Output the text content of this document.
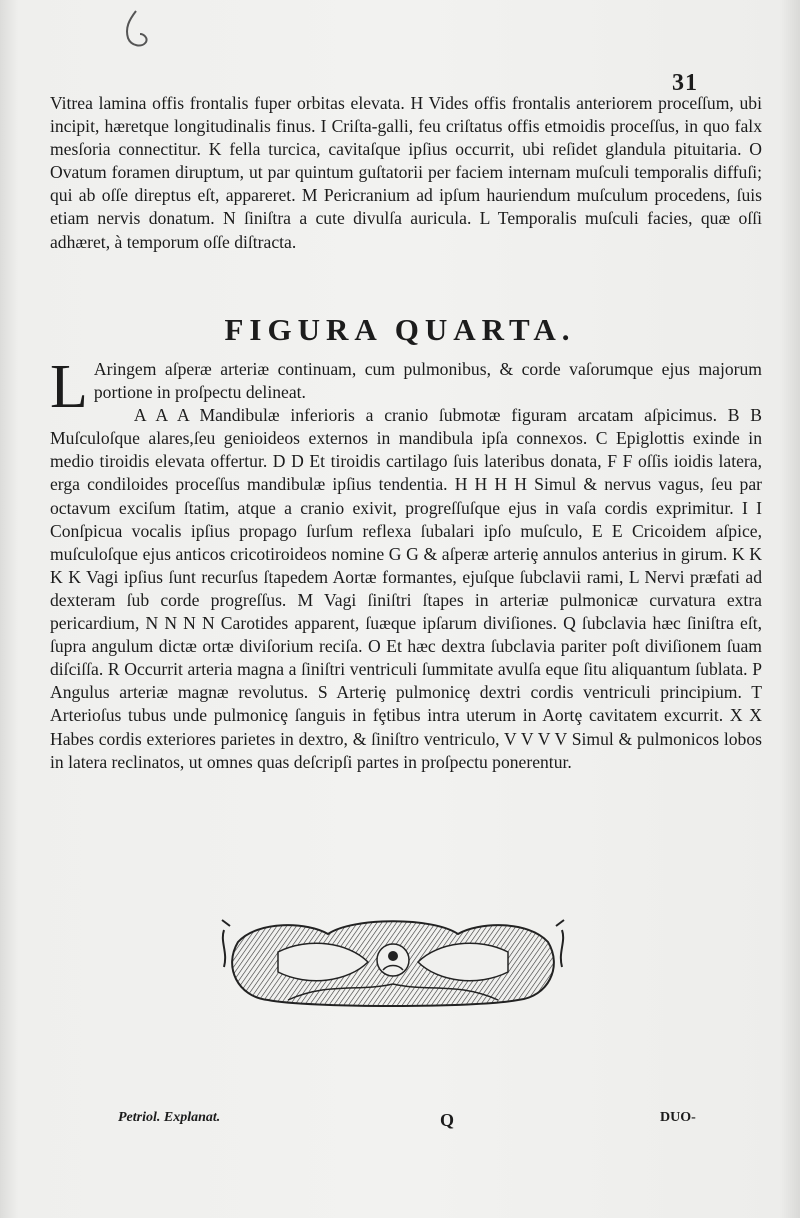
31

Vitrea lamina offis frontalis fuper orbitas elevata. H Vides offis frontalis anteriorem proceſſum, ubi incipit, hæretque longitudinalis finus. I Criſta-galli, feu criſtatus offis etmoidis proceſſus, in quo falx mesſoria connectitur. K fella turcica, cavitaſque ipſius occurrit, ubi reſidet glandula pituitaria. O Ovatum foramen diruptum, ut par quintum guſtatorii per faciem internam muſculi temporalis diffuſi; qui ab oſſe direptus eſt, appareret. M Pericranium ad ipſum hauriendum muſculum procedens, ſuis etiam nervis donatum. N ſiniſtra a cute divulſa auricula. L Temporalis muſculi facies, quæ oſſi adhæret, à temporum oſſe diſtracta.

FIGURA QUARTA.
L Aringem aſperæ arteriæ continuam, cum pulmonibus, & corde vaſorumque ejus majorum portione in proſpectu delineat.

A A A Mandibulæ inferioris a cranio ſubmotæ figuram arcatam aſpicimus. B B Muſculoſque alares,ſeu genioideos externos in mandibula ipſa connexos. C Epiglottis exinde in medio tiroidis elevata offertur. D D Et tiroidis cartilago ſuis lateribus donata, F F oſſis ioidis latera, erga condiloides proceſſus mandibulæ ipſius tendentia. H H H H Simul & nervus vagus, ſeu par octavum exciſum ſtatim, atque a cranio exivit, progreſſuſque ejus in vaſa cordis exprimitur. I I Conſpicua vocalis ipſius propago ſurſum reflexa ſubalari ipſo muſculo, E E Cricoidem aſpice, muſculoſque ejus anticos cricotiroideos nomine G G & aſperæ arteriȩ annulos anterius in girum. K K K K Vagi ipſius ſunt recurſus ſtapedem Aortæ formantes, ejuſque ſubclavii rami, L Nervi præfati ad dexteram ſub corde progreſſus. M Vagi ſiniſtri ſtapes in arteriæ pulmonicæ curvatura extra pericardium, N N N N Carotides apparent, ſuæque ipſarum diviſiones. Q ſubclavia hæc ſiniſtra eſt, ſupra angulum dictæ ortæ diviſorium reciſa. O Et hæc dextra ſubclavia pariter poſt diviſionem ſuam diſciſſa. R Occurrit arteria magna a ſiniſtri ventriculi ſummitate avulſa eque ſitu aliquantum ſublata. P Angulus arteriæ magnæ revolutus. S Arteriȩ pulmonicȩ dextri cordis ventriculi principium. T Arterioſus tubus unde pulmonicȩ ſanguis in fȩtibus intra uterum in Aortȩ cavitatem excurrit. X X Habes cordis exteriores parietes in dextro, & ſiniſtro ventriculo, V V V V Simul & pulmonicos lobos in latera reclinatos, ut omnes quas deſcripſi partes in proſpectu ponerentur.

Petriol. Explanat.	Q	DUO-
